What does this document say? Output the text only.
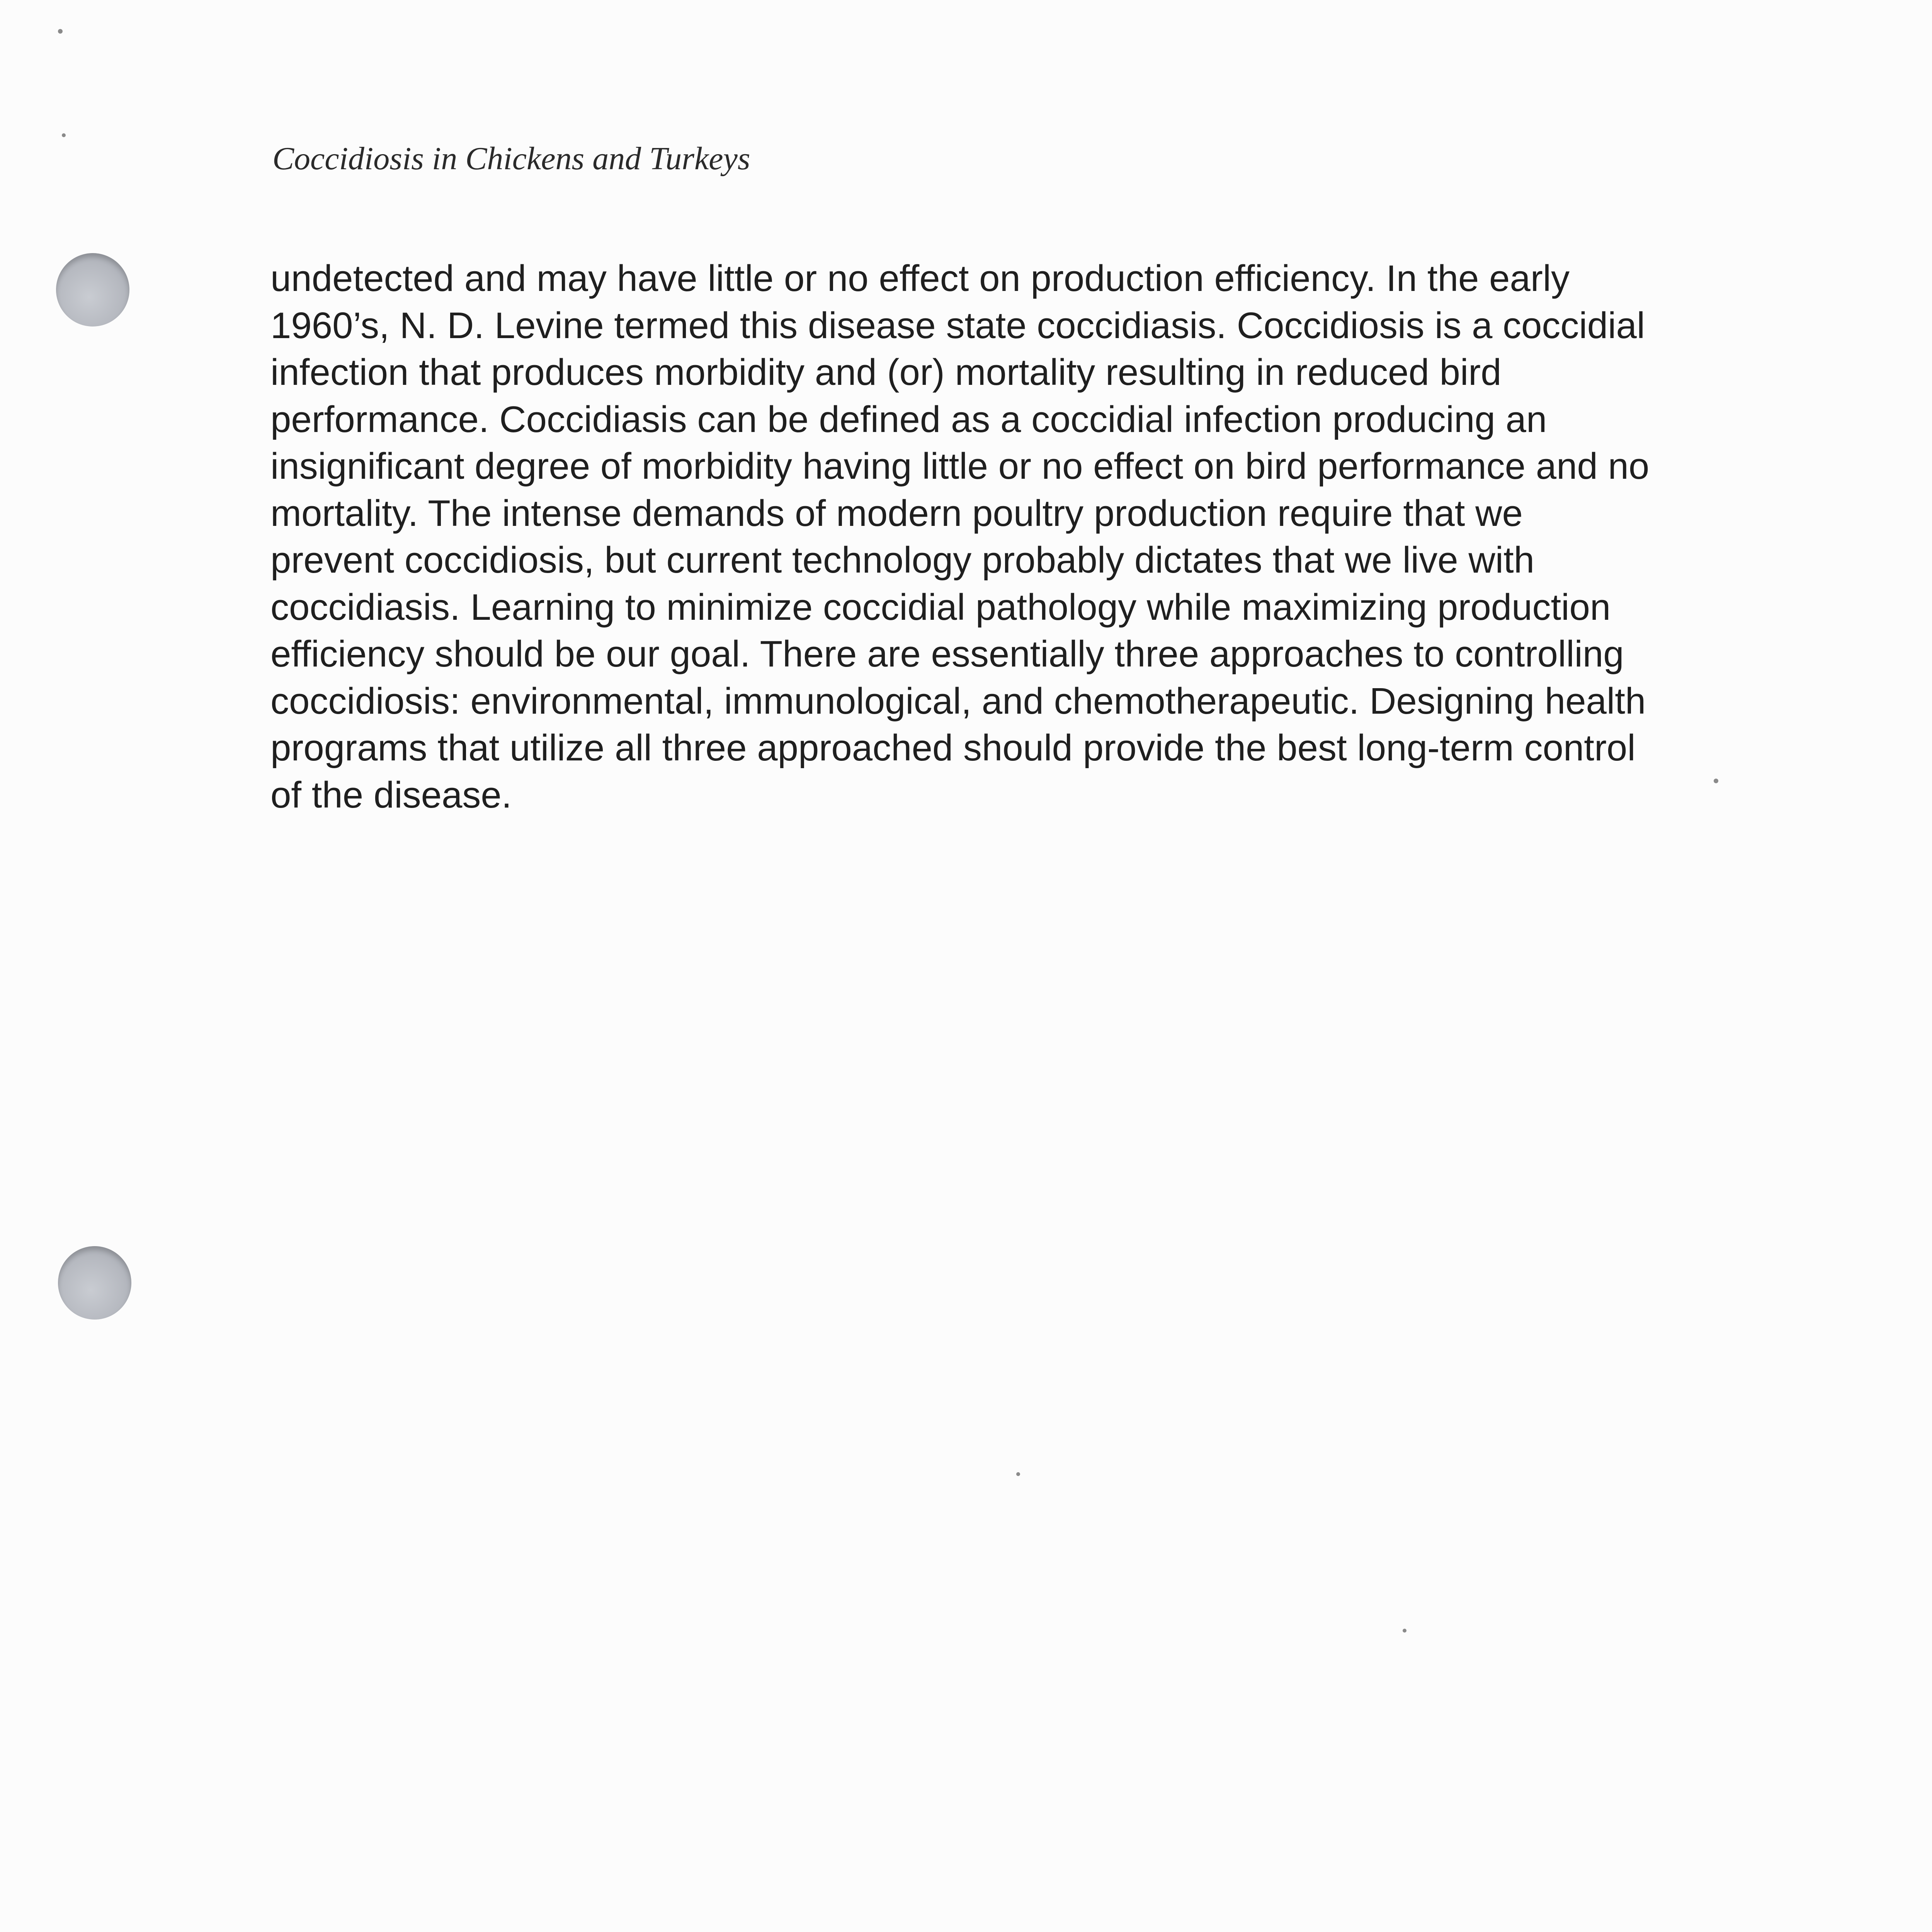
Coccidiosis in Chickens and Turkeys
undetected and may have little or no effect on production efficiency. In the early
1960’s, N. D. Levine termed this disease state coccidiasis. Coccidiosis is a coccidial
infection that produces morbidity and (or) mortality resulting in reduced bird
performance. Coccidiasis can be defined as a coccidial infection producing an
insignificant degree of morbidity having little or no effect on bird performance and no
mortality. The intense demands of modern poultry production require that we
prevent coccidiosis, but current technology probably dictates that we live with
coccidiasis. Learning to minimize coccidial pathology while maximizing production
efficiency should be our goal. There are essentially three approaches to controlling
coccidiosis: environmental, immunological, and chemotherapeutic. Designing health
programs that utilize all three approached should provide the best long-term control
of the disease.
